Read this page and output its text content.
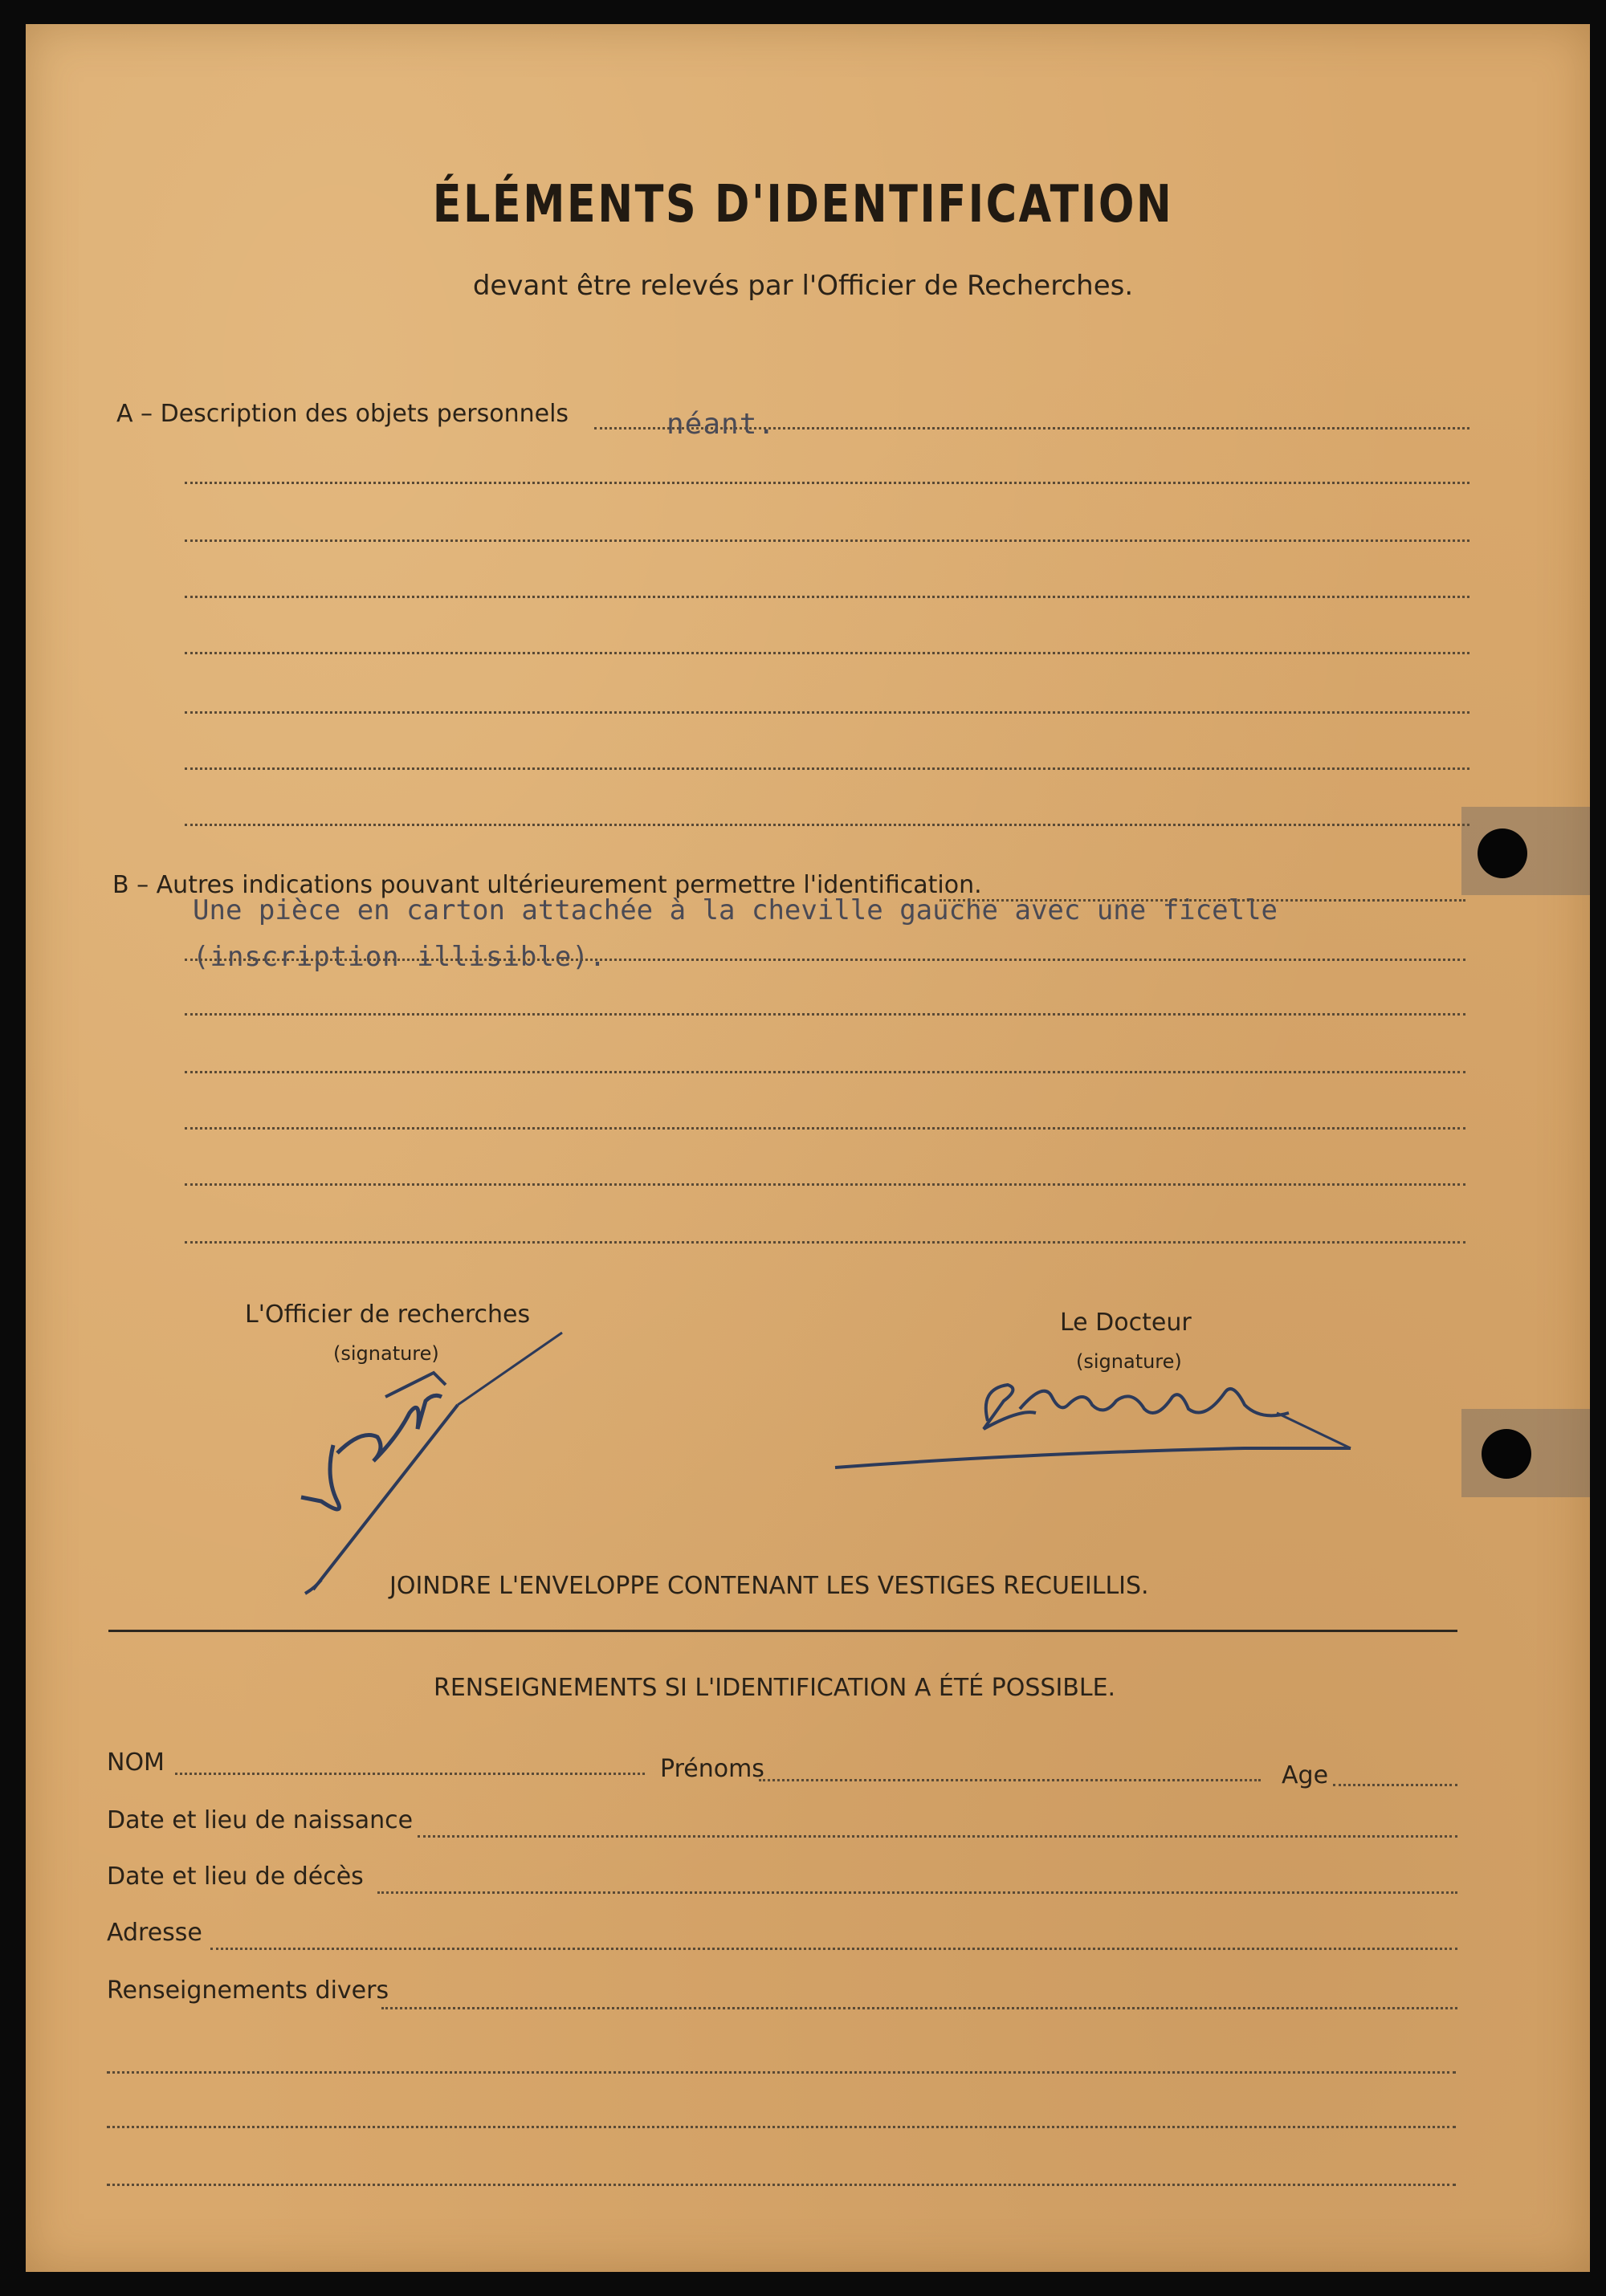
ÉLÉMENTS D'IDENTIFICATION
devant être relevés par l'Officier de Recherches.
A – Description des objets personnels	néant.
B – Autres indications pouvant ultérieurement permettre l'identification.
Une pièce en carton attachée à la cheville gauche avec une ficelle
(inscription illisible).
L'Officier de recherches
(signature)
Le Docteur
(signature)
JOINDRE L'ENVELOPPE CONTENANT LES VESTIGES RECUEILLIS.
RENSEIGNEMENTS SI L'IDENTIFICATION A ÉTÉ POSSIBLE.
NOM	Prénoms	Age
Date et lieu de naissance
Date et lieu de décès
Adresse
Renseignements divers
